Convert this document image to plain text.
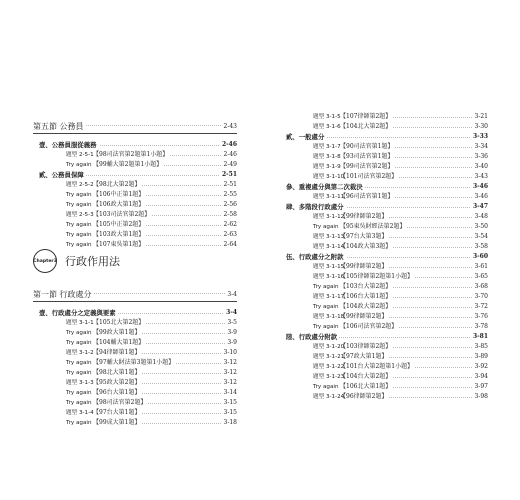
第五節 公務員	2-43
壹、公務員服從義務	2-46
題型 2-5-1【98司法官第2題第1小題】	2-46
Try again 【99輔大第2題第1小題】	2-49
貳、公務員保障	2-51
題型 2-5-2【98北大第2題】	2-51
Try again 【106中正第1題】	2-55
Try again 【106政大第1題】	2-56
題型 2-5-3【103司法官第2題】	2-58
Try again 【105中正第2題】	2-62
Try again 【103政大第1題】	2-63
Try again 【107東吳第1題】	2-64
Chapter3 行政作用法
第一節 行政處分	3-4
壹、行政處分之定義與要素	3-4
題型 3-1-1【105北大第2題】	3-5
Try again 【99政大第1題】	3-9
Try again 【104輔大第1題】	3-9
題型 3-1-2【94律師第1題】	3-10
Try again 【97輔大財法第3題第1小題】	3-12
Try again 【98北大第1題】	3-12
題型 3-1-3【95政大第2題】	3-12
Try again 【96台大第1題】	3-14
Try again 【98司法官第2題】	3-15
題型 3-1-4【97台大第1題】	3-15
Try again 【99成大第1題】	3-18
題型 3-1-5【107律師第2題】	3-21
題型 3-1-6【104北大第2題】	3-30
貳、一般處分	3-33
題型 3-1-7【90司法官第1題】	3-34
題型 3-1-8【93司法官第1題】	3-36
題型 3-1-9【99司法官第2題】	3-40
題型 3-1-10【101司法官第2題】	3-43
參、重複處分與第二次裁決	3-46
題型 3-1-11【96司法官第1題】	3-46
肆、多階段行政處分	3-47
題型 3-1-12【99律師第2題】	3-48
Try again 【95東吳財經法第2題】	3-50
題型 3-1-13【97台大第3題】	3-54
題型 3-1-14【104政大第3題】	3-58
伍、行政處分之附款	3-60
題型 3-1-15【99律師第2題】	3-61
題型 3-1-16【105律師第2題第1小題】	3-65
Try again 【103台大第2題】	3-68
題型 3-1-17【106台大第1題】	3-70
Try again 【104政大第2題】	3-72
題型 3-1-18【99律師第2題】	3-76
Try again 【106司法官第2題】	3-78
陸、行政處分附款	3-81
題型 3-1-20【103律師第2題】	3-85
題型 3-1-21【97政大第1題】	3-89
題型 3-1-22【101台大第2題第1小題】	3-92
題型 3-1-23【104台大第2題】	3-94
Try again 【106北大第1題】	3-97
題型 3-1-24【96律師第2題】	3-98
